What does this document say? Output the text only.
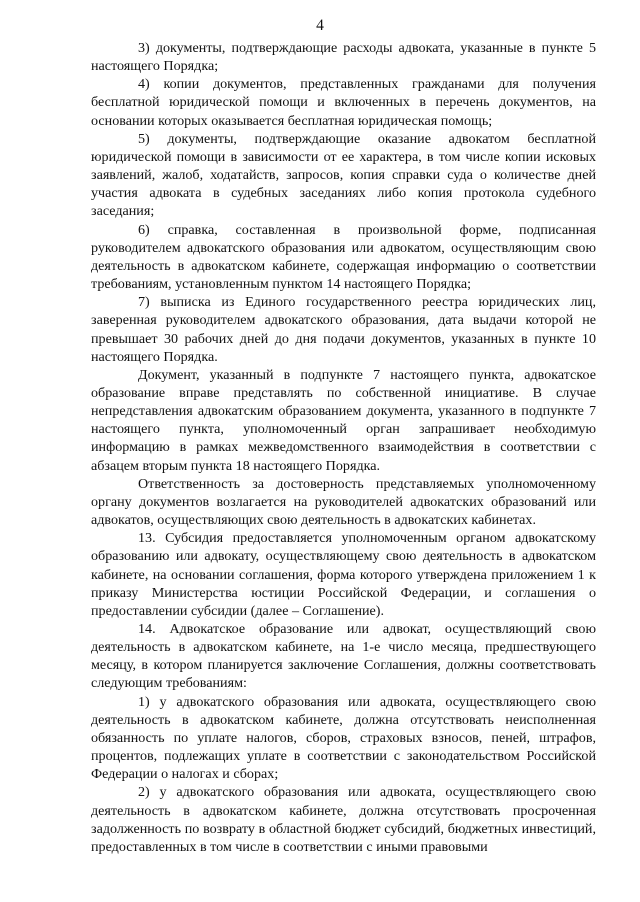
4

3) документы, подтверждающие расходы адвоката, указанные в пункте 5 настоящего Порядка;

4) копии документов, представленных гражданами для получения бесплатной юридической помощи и включенных в перечень документов, на основании которых оказывается бесплатная юридическая помощь;

5) документы, подтверждающие оказание адвокатом бесплатной юридической помощи в зависимости от ее характера, в том числе копии исковых заявлений, жалоб, ходатайств, запросов, копия справки суда о количестве дней участия адвоката в судебных заседаниях либо копия протокола судебного заседания;

6) справка, составленная в произвольной форме, подписанная руководителем адвокатского образования или адвокатом, осуществляющим свою деятельность в адвокатском кабинете, содержащая информацию о соответствии требованиям, установленным пунктом 14 настоящего Порядка;

7) выписка из Единого государственного реестра юридических лиц, заверенная руководителем адвокатского образования, дата выдачи которой не превышает 30 рабочих дней до дня подачи документов, указанных в пункте 10 настоящего Порядка.

Документ, указанный в подпункте 7 настоящего пункта, адвокатское образование вправе представлять по собственной инициативе. В случае непредставления адвокатским образованием документа, указанного в подпункте 7 настоящего пункта, уполномоченный орган запрашивает необходимую информацию в рамках межведомственного взаимодействия в соответствии с абзацем вторым пункта 18 настоящего Порядка.

Ответственность за достоверность представляемых уполномоченному органу документов возлагается на руководителей адвокатских образований или адвокатов, осуществляющих свою деятельность в адвокатских кабинетах.

13. Субсидия предоставляется уполномоченным органом адвокатскому образованию или адвокату, осуществляющему свою деятельность в адвокатском кабинете, на основании соглашения, форма которого утверждена приложением 1 к приказу Министерства юстиции Российской Федерации, и соглашения о предоставлении субсидии (далее – Соглашение).

14. Адвокатское образование или адвокат, осуществляющий свою деятельность в адвокатском кабинете, на 1-е число месяца, предшествующего месяцу, в котором планируется заключение Соглашения, должны соответствовать следующим требованиям:

1) у адвокатского образования или адвоката, осуществляющего свою деятельность в адвокатском кабинете, должна отсутствовать неисполненная обязанность по уплате налогов, сборов, страховых взносов, пеней, штрафов, процентов, подлежащих уплате в соответствии с законодательством Российской Федерации о налогах и сборах;

2) у адвокатского образования или адвоката, осуществляющего свою деятельность в адвокатском кабинете, должна отсутствовать просроченная задолженность по возврату в областной бюджет субсидий, бюджетных инвестиций, предоставленных в том числе в соответствии с иными правовыми
